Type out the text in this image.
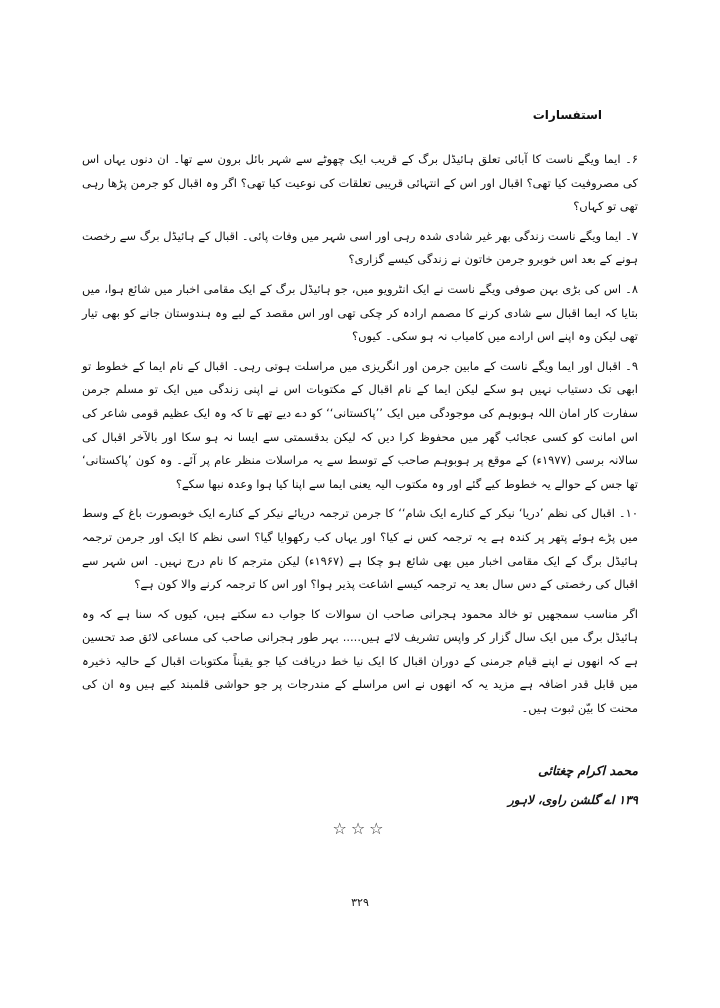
استفسارات

۶۔ ایما ویگے ناست کا آبائی تعلق ہائیڈل برگ کے قریب ایک چھوٹے سے شہر بائل برون سے تھا۔ ان دنوں یہاں اس کی مصروفیت کیا تھی؟ اقبال اور اس کے انتہائی قریبی تعلقات کی نوعیت کیا تھی؟ اگر وہ اقبال کو جرمن پڑھا رہی تھی تو کہاں؟

۷۔ ایما ویگے ناست زندگی بھر غیر شادی شدہ رہی اور اسی شہر میں وفات پائی۔ اقبال کے ہائیڈل برگ سے رخصت ہونے کے بعد اس خوبرو جرمن خاتون نے زندگی کیسے گزاری؟

۸۔ اس کی بڑی بہن صوفی ویگے ناست نے ایک انٹرویو میں، جو ہائیڈل برگ کے ایک مقامی اخبار میں شائع ہوا، میں بتایا کہ ایما اقبال سے شادی کرنے کا مصمم ارادہ کر چکی تھی اور اس مقصد کے لیے وہ ہندوستان جانے کو بھی تیار تھی لیکن وہ اپنے اس ارادے میں کامیاب نہ ہو سکی۔ کیوں؟

۹۔ اقبال اور ایما ویگے ناست کے مابین جرمن اور انگریزی میں مراسلت ہوتی رہی۔ اقبال کے نام ایما کے خطوط تو ابھی تک دستیاب نہیں ہو سکے لیکن ایما کے نام اقبال کے مکتوبات اس نے اپنی زندگی میں ایک تو مسلم جرمن سفارت کار امان اللہ ہوبوہم کی موجودگی میں ایک ’’پاکستانی‘‘ کو دے دیے تھے تا کہ وہ ایک عظیم قومی شاعر کی اس امانت کو کسی عجائب گھر میں محفوظ کرا دیں کہ لیکن بدقسمتی سے ایسا نہ ہو سکا اور بالآخر اقبال کی سالانہ برسی (۱۹۷۷ء) کے موقع پر ہوبوہم صاحب کے توسط سے یہ مراسلات منظر عام پر آئے۔ وہ کون ’پاکستانی‘ تھا جس کے حوالے یہ خطوط کیے گئے اور وہ مکتوب الیہ یعنی ایما سے اپنا کیا ہوا وعدہ نبھا سکے؟

۱۰۔ اقبال کی نظم ’دریا‘ نیکر کے کنارے ایک شام‘‘ کا جرمن ترجمہ دریائے نیکر کے کنارے ایک خوبصورت باغ کے وسط میں پڑے ہوئے پتھر پر کندہ ہے یہ ترجمہ کس نے کیا؟ اور یہاں کب رکھوایا گیا؟ اسی نظم کا ایک اور جرمن ترجمہ ہائیڈل برگ کے ایک مقامی اخبار میں بھی شائع ہو چکا ہے (۱۹۶۷ء) لیکن مترجم کا نام درج نہیں۔ اس شہر سے اقبال کی رخصتی کے دس سال بعد یہ ترجمہ کیسے اشاعت پذیر ہوا؟ اور اس کا ترجمہ کرنے والا کون ہے؟

اگر مناسب سمجھیں تو خالد محمود ہجرانی صاحب ان سوالات کا جواب دے سکتے ہیں، کیوں کہ سنا ہے کہ وہ ہائیڈل برگ میں ایک سال گزار کر واپس تشریف لائے ہیں..... بہر طور ہجرانی صاحب کی مساعی لائق صد تحسین ہے کہ انھوں نے اپنے قیام جرمنی کے دوران اقبال کا ایک نیا خط دریافت کیا جو یقیناً مکتوبات اقبال کے حالیہ ذخیرہ میں قابل قدر اضافہ ہے مزید یہ کہ انھوں نے اس مراسلے کے مندرجات پر جو حواشی قلمبند کیے ہیں وہ ان کی محنت کا بیّن ثبوت ہیں۔

محمد اکرام چغتائی
۱۳۹ اے گلشن راوی، لاہور
☆☆☆
۳۲۹
